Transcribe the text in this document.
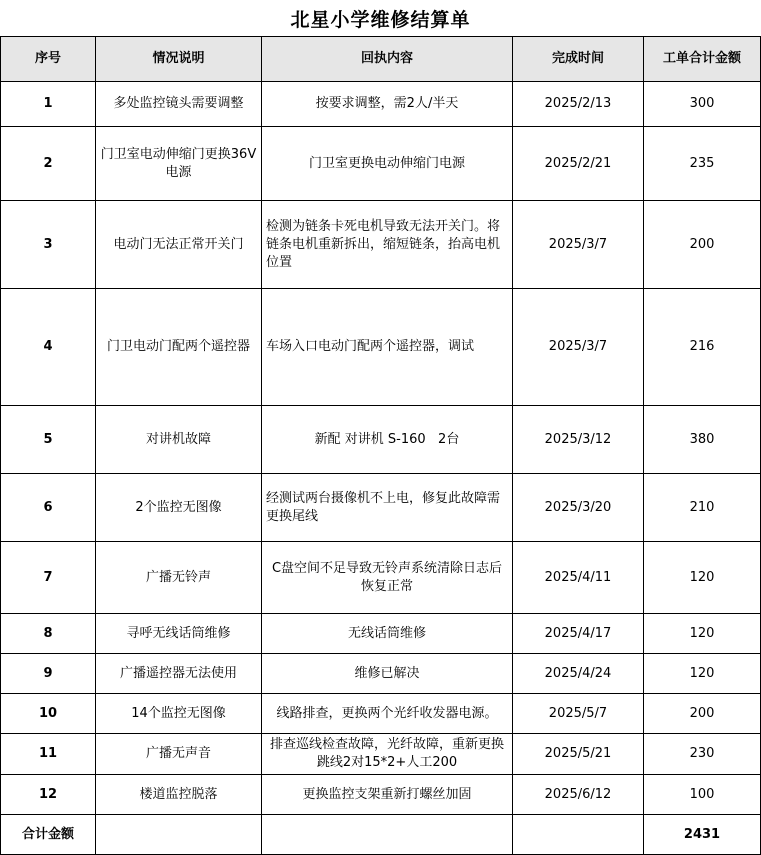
北星小学维修结算单
序号	情况说明	回执内容	完成时间	工单合计金额
1	多处监控镜头需要调整	按要求调整，需2人/半天	2025/2/13	300
2	门卫室电动伸缩门更换36V电源	门卫室更换电动伸缩门电源	2025/2/21	235
3	电动门无法正常开关门	检测为链条卡死电机导致无法开关门。将链条电机重新拆出，缩短链条，抬高电机位置	2025/3/7	200
4	门卫电动门配两个遥控器	车场入口电动门配两个遥控器，调试	2025/3/7	216
5	对讲机故障	新配 对讲机 S-160   2台	2025/3/12	380
6	2个监控无图像	经测试两台摄像机不上电，修复此故障需更换尾线	2025/3/20	210
7	广播无铃声	C盘空间不足导致无铃声系统清除日志后恢复正常	2025/4/11	120
8	寻呼无线话筒维修	无线话筒维修	2025/4/17	120
9	广播遥控器无法使用	维修已解决	2025/4/24	120
10	14个监控无图像	线路排查，更换两个光纤收发器电源。	2025/5/7	200
11	广播无声音	排查巡线检查故障，光纤故障，重新更换跳线2对15*2+人工200	2025/5/21	230
12	楼道监控脱落	更换监控支架重新打螺丝加固	2025/6/12	100
合计金额				2431
